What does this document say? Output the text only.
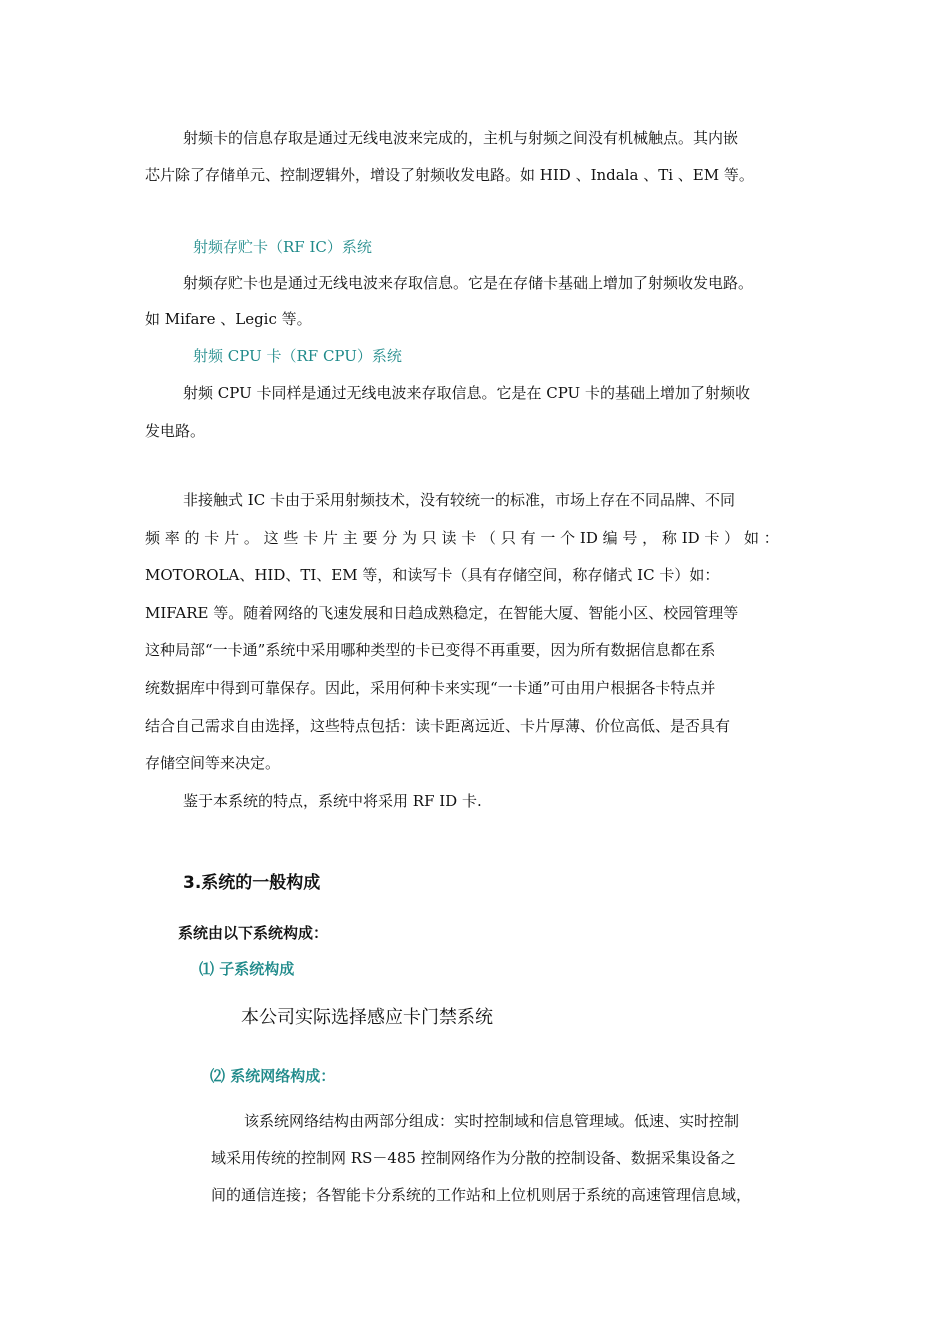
射频卡的信息存取是通过无线电波来完成的，主机与射频之间没有机械触点。其内嵌

芯片除了存储单元、控制逻辑外，增设了射频收发电路。如 HID 、Indala 、Ti 、EM 等。

射频存贮卡（RF IC）系统

射频存贮卡也是通过无线电波来存取信息。它是在存储卡基础上增加了射频收发电路。

如 Mifare 、Legic 等。

射频 CPU 卡（RF CPU）系统

射频 CPU 卡同样是通过无线电波来存取信息。它是在 CPU 卡的基础上增加了射频收

发电路。

非接触式 IC 卡由于采用射频技术，没有较统一的标准，市场上存在不同品牌、不同

频 率 的 卡 片 。 这 些 卡 片 主 要 分 为 只 读 卡 （ 只 有 一 个 ID 编 号 ， 称 ID 卡 ） 如 ：

MOTOROLA、HID、TI、EM 等，和读写卡（具有存储空间，称存储式 IC 卡）如：

MIFARE 等。随着网络的飞速发展和日趋成熟稳定，在智能大厦、智能小区、校园管理等

这种局部“一卡通”系统中采用哪种类型的卡已变得不再重要，因为所有数据信息都在系

统数据库中得到可靠保存。因此，采用何种卡来实现“一卡通”可由用户根据各卡特点并

结合自己需求自由选择，这些特点包括：读卡距离远近、卡片厚薄、价位高低、是否具有

存储空间等来决定。

鉴于本系统的特点，系统中将采用 RF ID 卡.

3.系统的一般构成
系统由以下系统构成：
⑴ 子系统构成
本公司实际选择感应卡门禁系统
⑵ 系统网络构成：

该系统网络结构由两部分组成：实时控制域和信息管理域。低速、实时控制

域采用传统的控制网 RS－485 控制网络作为分散的控制设备、数据采集设备之

间的通信连接；各智能卡分系统的工作站和上位机则居于系统的高速管理信息域，
